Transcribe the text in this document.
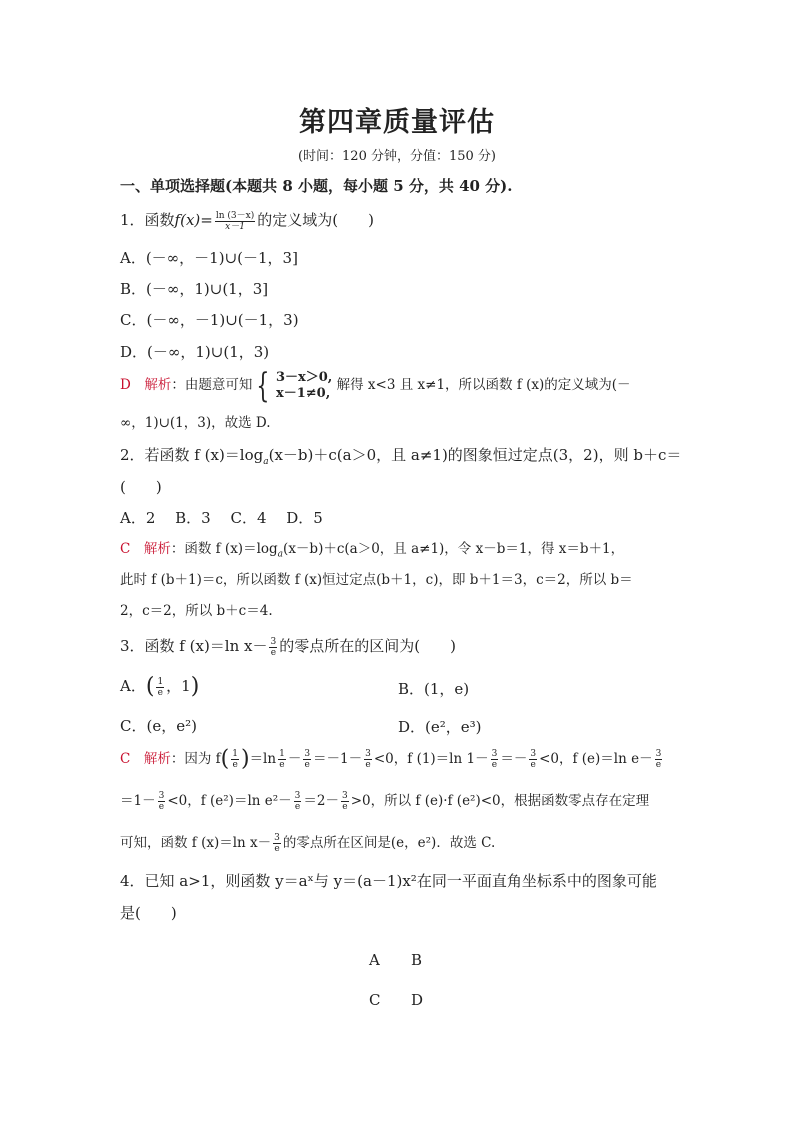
第四章质量评估
(时间：120 分钟，分值：150 分)
一、单项选择题(本题共 8 小题，每小题 5 分，共 40 分).
1．函数$f(x)= \frac{\ln (3-x)}{x-1}$ 的定义域为(　　)
A．(－∞，－1)∪(－1，3]
B．(－∞，1)∪(1，3]
C．(－∞，－1)∪(－1，3)
D．(－∞，1)∪(1，3)
D　 解析：由题意可知 { 3－x＞0,
x－1≠0, 解得 x<3 且 x≠1，所以函数 f (x)的定义域为(－
∞，1)∪(1，3)，故选 D.
2．若函数 f $(x)=\log_a(x-b)+c(a>0$，且 a≠1)的图象恒过定点(3，2)，则 b＋c＝
(　　)
A．2　 B．3　 C．4　 D．5
C　 解析：函数 f $(x)=\log_a(x-b)+c(a>0$，且 a≠1)，令 x－b＝1，得 x＝b＋1，
此时 f (b＋1)＝c，所以函数 f (x)恒过定点(b＋1，c)，即 b＋1＝3，c＝2，所以 b＝
2，c＝2，所以 b＋c＝4.
3．函数 f (x)＝ln $x- \frac{3}{e}$ 的零点所在的区间为(　　)
A．( $\frac{1}{e}$ ，1)	B．(1，e)
C．(e，e²)	D．(e²，e³)
C　 解析：因为 $f( \frac{1}{e} )=\ln \frac{1}{e} - \frac{3}{e} =-1- \frac{3}{e} <0$，f (1)＝ln $1- \frac{3}{e} =- \frac{3}{e} <0$，f (e)＝ln $e- \frac{3}{e}$
$=1- \frac{3}{e} <0$，f (e²)＝ln $e^2- \frac{3}{e} =2- \frac{3}{e} >0$，所以 f (e)·f (e²)<0，根据函数零点存在定理
可知，函数 f (x)＝ln $x- \frac{3}{e}$ 的零点所在区间是(e，e²)．故选 C.
4．已知 a>1，则函数 y＝aˣ与 y＝(a－1)x²在同一平面直角坐标系中的图象可能
是(　　)
A B
C D
